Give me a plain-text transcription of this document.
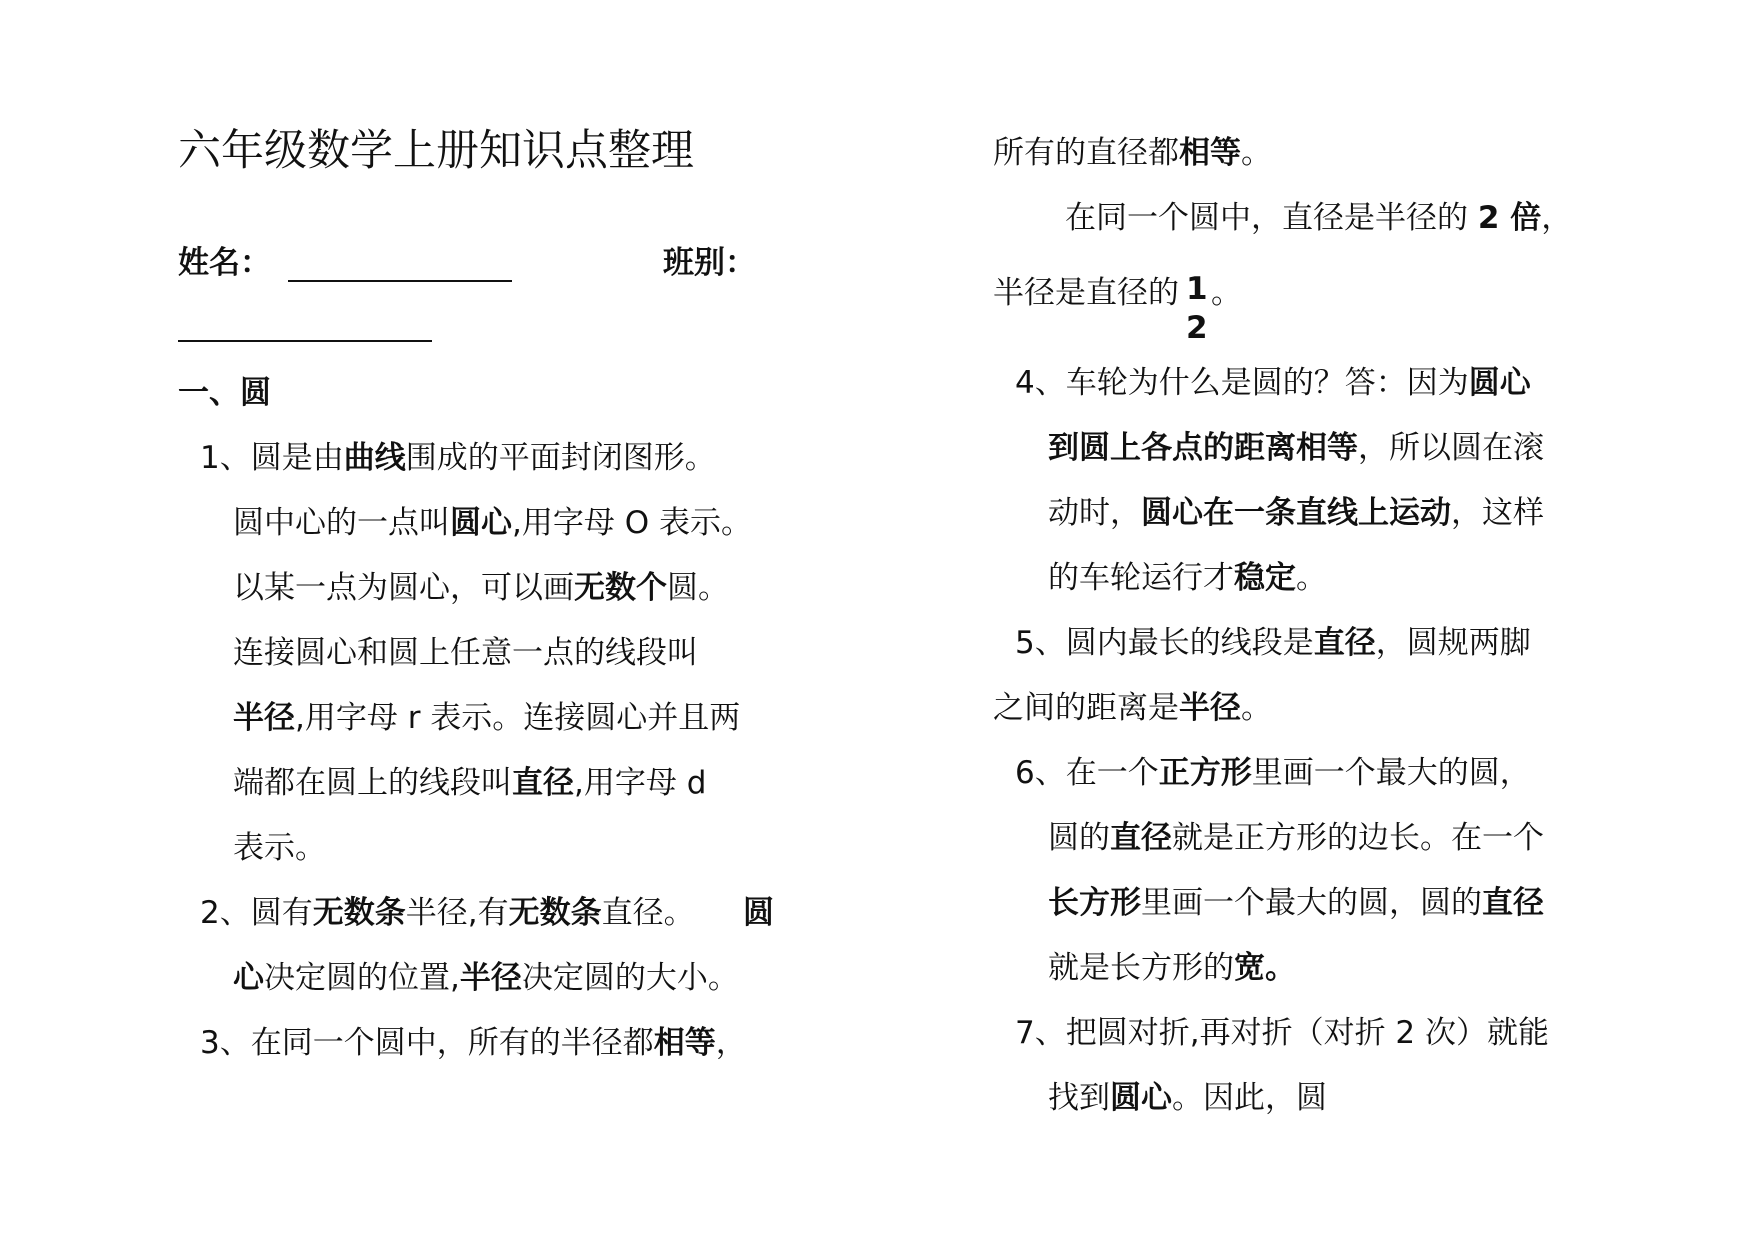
六年级数学上册知识点整理
姓名：	班别：
一、圆
1、圆是由曲线围成的平面封闭图形。
圆中心的一点叫圆心,用字母 O 表示。
以某一点为圆心，可以画无数个圆。
连接圆心和圆上任意一点的线段叫
半径,用字母 r 表示。连接圆心并且两
端都在圆上的线段叫直径,用字母 d
表示。
2、圆有无数条半径,有无数条直径。 圆
心决定圆的位置,半径决定圆的大小。
3、在同一个圆中，所有的半径都相等，
所有的直径都相等。
在同一个圆中，直径是半径的 2 倍，
半径是直径的 1
2
。
4、车轮为什么是圆的？答：因为圆心
到圆上各点的距离相等，所以圆在滚
动时，圆心在一条直线上运动，这样
的车轮运行才稳定。
5、圆内最长的线段是直径，圆规两脚
之间的距离是半径。
6、在一个正方形里画一个最大的圆，
圆的直径就是正方形的边长。在一个
长方形里画一个最大的圆，圆的直径
就是长方形的宽。
7、把圆对折,再对折（对折 2 次）就能
找到圆心。因此，圆
